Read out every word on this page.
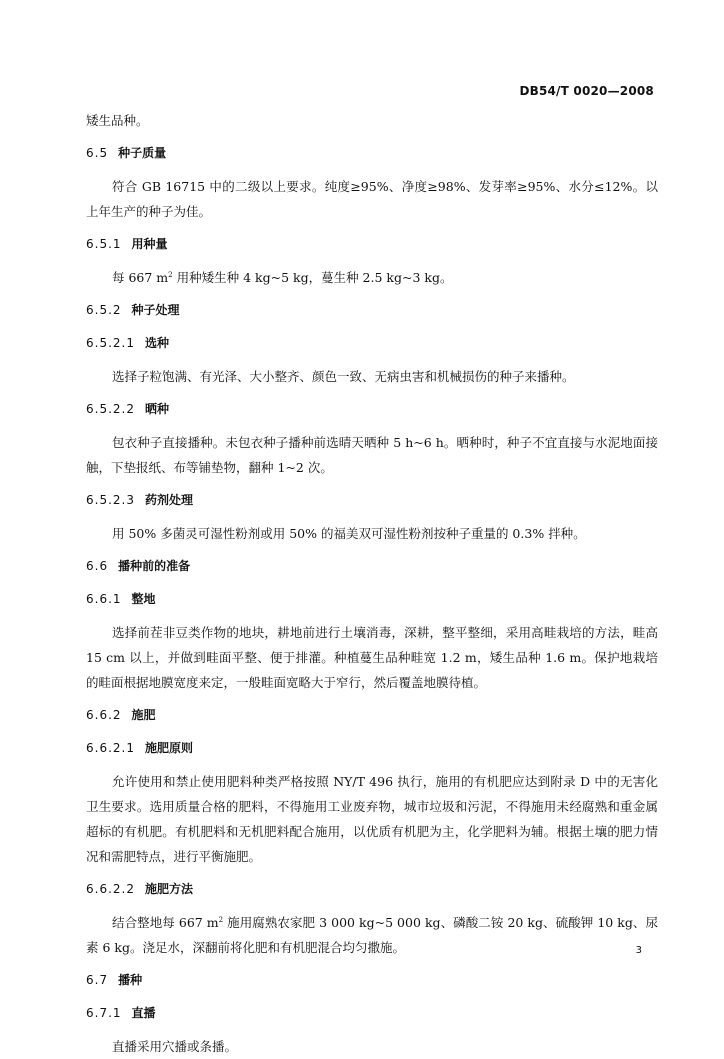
DB54/T 0020—2008

矮生品种。

6.5 种子质量

符合 GB 16715 中的二级以上要求。纯度≥95%、净度≥98%、发芽率≥95%、水分≤12%。以上年生产的种子为佳。

6.5.1 用种量

每 667 $m^2$ 用种矮生种 4 kg~5 kg，蔓生种 2.5 kg~3 kg。

6.5.2 种子处理
6.5.2.1 选种

选择子粒饱满、有光泽、大小整齐、颜色一致、无病虫害和机械损伤的种子来播种。

6.5.2.2 晒种

包衣种子直接播种。未包衣种子播种前选晴天晒种 5 h~6 h。晒种时，种子不宜直接与水泥地面接触，下垫报纸、布等铺垫物，翻种 1~2 次。

6.5.2.3 药剂处理

用 50% 多菌灵可湿性粉剂或用 50% 的福美双可湿性粉剂按种子重量的 0.3% 拌种。

6.6 播种前的准备
6.6.1 整地

选择前茬非豆类作物的地块，耕地前进行土壤消毒，深耕，整平整细，采用高畦栽培的方法，畦高 15 cm 以上，并做到畦面平整、便于排灌。种植蔓生品种畦宽 1.2 m，矮生品种 1.6 m。保护地栽培的畦面根据地膜宽度来定，一般畦面宽略大于窄行，然后覆盖地膜待植。

6.6.2 施肥
6.6.2.1 施肥原则

允许使用和禁止使用肥料种类严格按照 NY/T 496 执行，施用的有机肥应达到附录 D 中的无害化卫生要求。选用质量合格的肥料，不得施用工业废弃物，城市垃圾和污泥，不得施用未经腐熟和重金属超标的有机肥。有机肥料和无机肥料配合施用，以优质有机肥为主，化学肥料为辅。根据土壤的肥力情况和需肥特点，进行平衡施肥。

6.6.2.2 施肥方法

结合整地每 667 $m^2$ 施用腐熟农家肥 3 000 kg~5 000 kg、磷酸二铵 20 kg、硫酸钾 10 kg、尿素 6 kg。浇足水，深翻前将化肥和有机肥混合均匀撒施。

6.7 播种
6.7.1 直播

直播采用穴播或条播。

3
